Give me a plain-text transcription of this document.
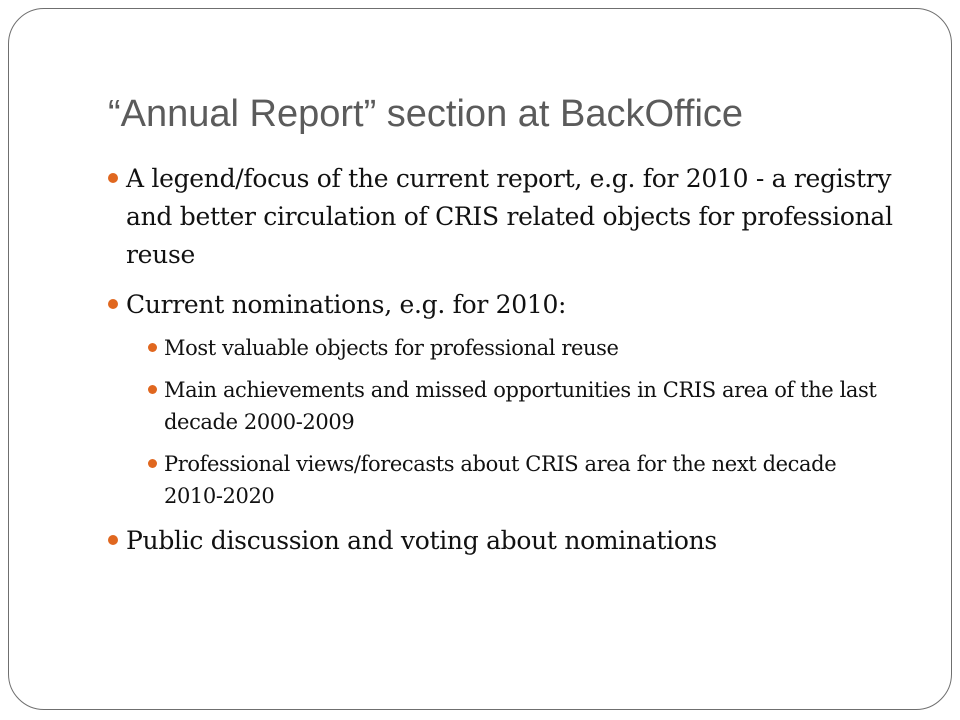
“Annual Report” section at BackOffice
A legend/focus of the current report, e.g. for 2010 - a registry and better circulation of CRIS related objects for professional reuse
Current nominations, e.g. for 2010:
Most valuable objects for professional reuse
Main achievements and missed opportunities in CRIS area of the last decade 2000-2009
Professional views/forecasts about CRIS area for the next decade 2010-2020
Public discussion and voting about nominations
